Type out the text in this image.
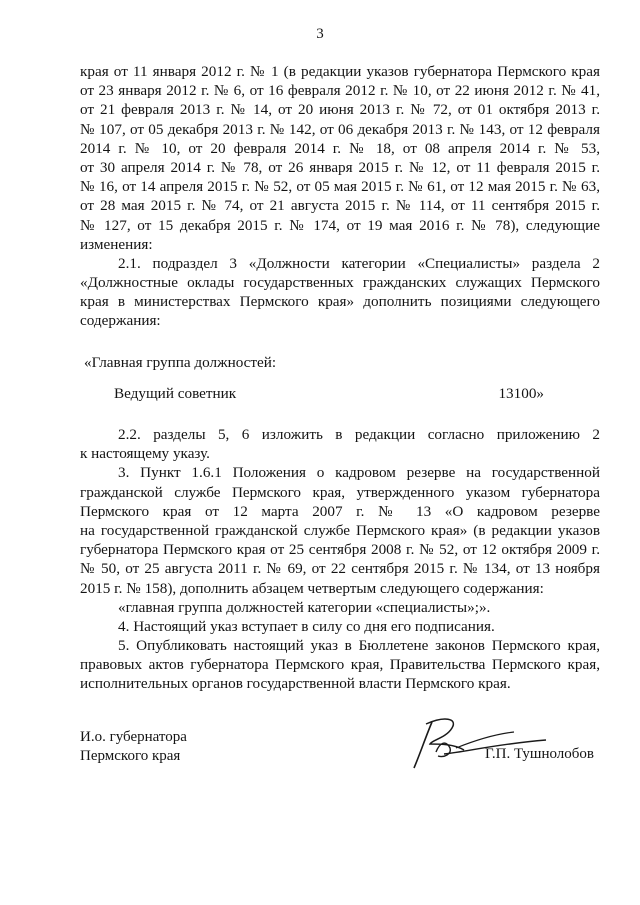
3
края от 11 января 2012 г. № 1 (в редакции указов губернатора Пермского края
от 23 января 2012 г. № 6, от 16 февраля 2012 г. № 10, от 22 июня 2012 г. № 41,
от 21 февраля 2013 г. № 14, от 20 июня 2013 г. № 72, от 01 октября 2013 г.
№ 107, от 05 декабря 2013 г. № 142, от 06 декабря 2013 г. № 143, от 12 февраля
2014 г. № 10, от 20 февраля 2014 г. № 18, от 08 апреля 2014 г. № 53,
от 30 апреля 2014 г. № 78, от 26 января 2015 г. № 12, от 11 февраля 2015 г.
№ 16, от 14 апреля 2015 г. № 52, от 05 мая 2015 г. № 61, от 12 мая 2015 г. № 63,
от 28 мая 2015 г. № 74, от 21 августа 2015 г. № 114, от 11 сентября 2015 г.
№ 127, от 15 декабря 2015 г. № 174, от 19 мая 2016 г. № 78), следующие
изменения:
2.1. подраздел 3 «Должности категории «Специалисты» раздела 2
«Должностные оклады государственных гражданских служащих Пермского
края в министерствах Пермского края» дополнить позициями следующего
содержания:
«Главная группа должностей:
Ведущий советник	13100»
2.2. разделы 5, 6 изложить в редакции согласно приложению 2
к настоящему указу.
3. Пункт 1.6.1 Положения о кадровом резерве на государственной
гражданской службе Пермского края, утвержденного указом губернатора
Пермского края от 12 марта 2007 г. № 13 «О кадровом резерве
на государственной гражданской службе Пермского края» (в редакции указов
губернатора Пермского края от 25 сентября 2008 г. № 52, от 12 октября 2009 г.
№ 50, от 25 августа 2011 г. № 69, от 22 сентября 2015 г. № 134, от 13 ноября
2015 г. № 158), дополнить абзацем четвертым следующего содержания:
«главная группа должностей категории «специалисты»;».
4. Настоящий указ вступает в силу со дня его подписания.
5. Опубликовать настоящий указ в Бюллетене законов Пермского края,
правовых актов губернатора Пермского края, Правительства Пермского края,
исполнительных органов государственной власти Пермского края.
И.о. губернатора
Пермского края	Г.П. Тушнолобов
